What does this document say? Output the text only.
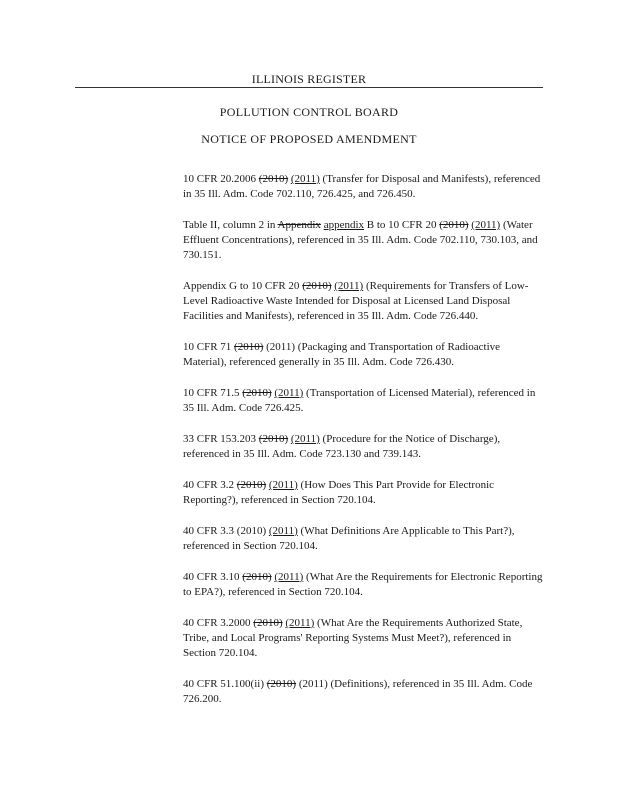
ILLINOIS REGISTER
POLLUTION CONTROL BOARD
NOTICE OF PROPOSED AMENDMENT

10 CFR 20.2006 (2010) (2011) (Transfer for Disposal and Manifests), referenced in 35 Ill. Adm. Code 702.110, 726.425, and 726.450.

Table II, column 2 in Appendix appendix B to 10 CFR 20 (2010) (2011) (Water Effluent Concentrations), referenced in 35 Ill. Adm. Code 702.110, 730.103, and 730.151.

Appendix G to 10 CFR 20 (2010) (2011) (Requirements for Transfers of Low-Level Radioactive Waste Intended for Disposal at Licensed Land Disposal Facilities and Manifests), referenced in 35 Ill. Adm. Code 726.440.

10 CFR 71 (2010) (2011) (Packaging and Transportation of Radioactive Material), referenced generally in 35 Ill. Adm. Code 726.430.

10 CFR 71.5 (2010) (2011) (Transportation of Licensed Material), referenced in 35 Ill. Adm. Code 726.425.

33 CFR 153.203 (2010) (2011) (Procedure for the Notice of Discharge), referenced in 35 Ill. Adm. Code 723.130 and 739.143.

40 CFR 3.2 (2010) (2011) (How Does This Part Provide for Electronic Reporting?), referenced in Section 720.104.

40 CFR 3.3 (2010) (2011) (What Definitions Are Applicable to This Part?), referenced in Section 720.104.

40 CFR 3.10 (2010) (2011) (What Are the Requirements for Electronic Reporting to EPA?), referenced in Section 720.104.

40 CFR 3.2000 (2010) (2011) (What Are the Requirements Authorized State, Tribe, and Local Programs' Reporting Systems Must Meet?), referenced in Section 720.104.

40 CFR 51.100(ii) (2010) (2011) (Definitions), referenced in 35 Ill. Adm. Code 726.200.
